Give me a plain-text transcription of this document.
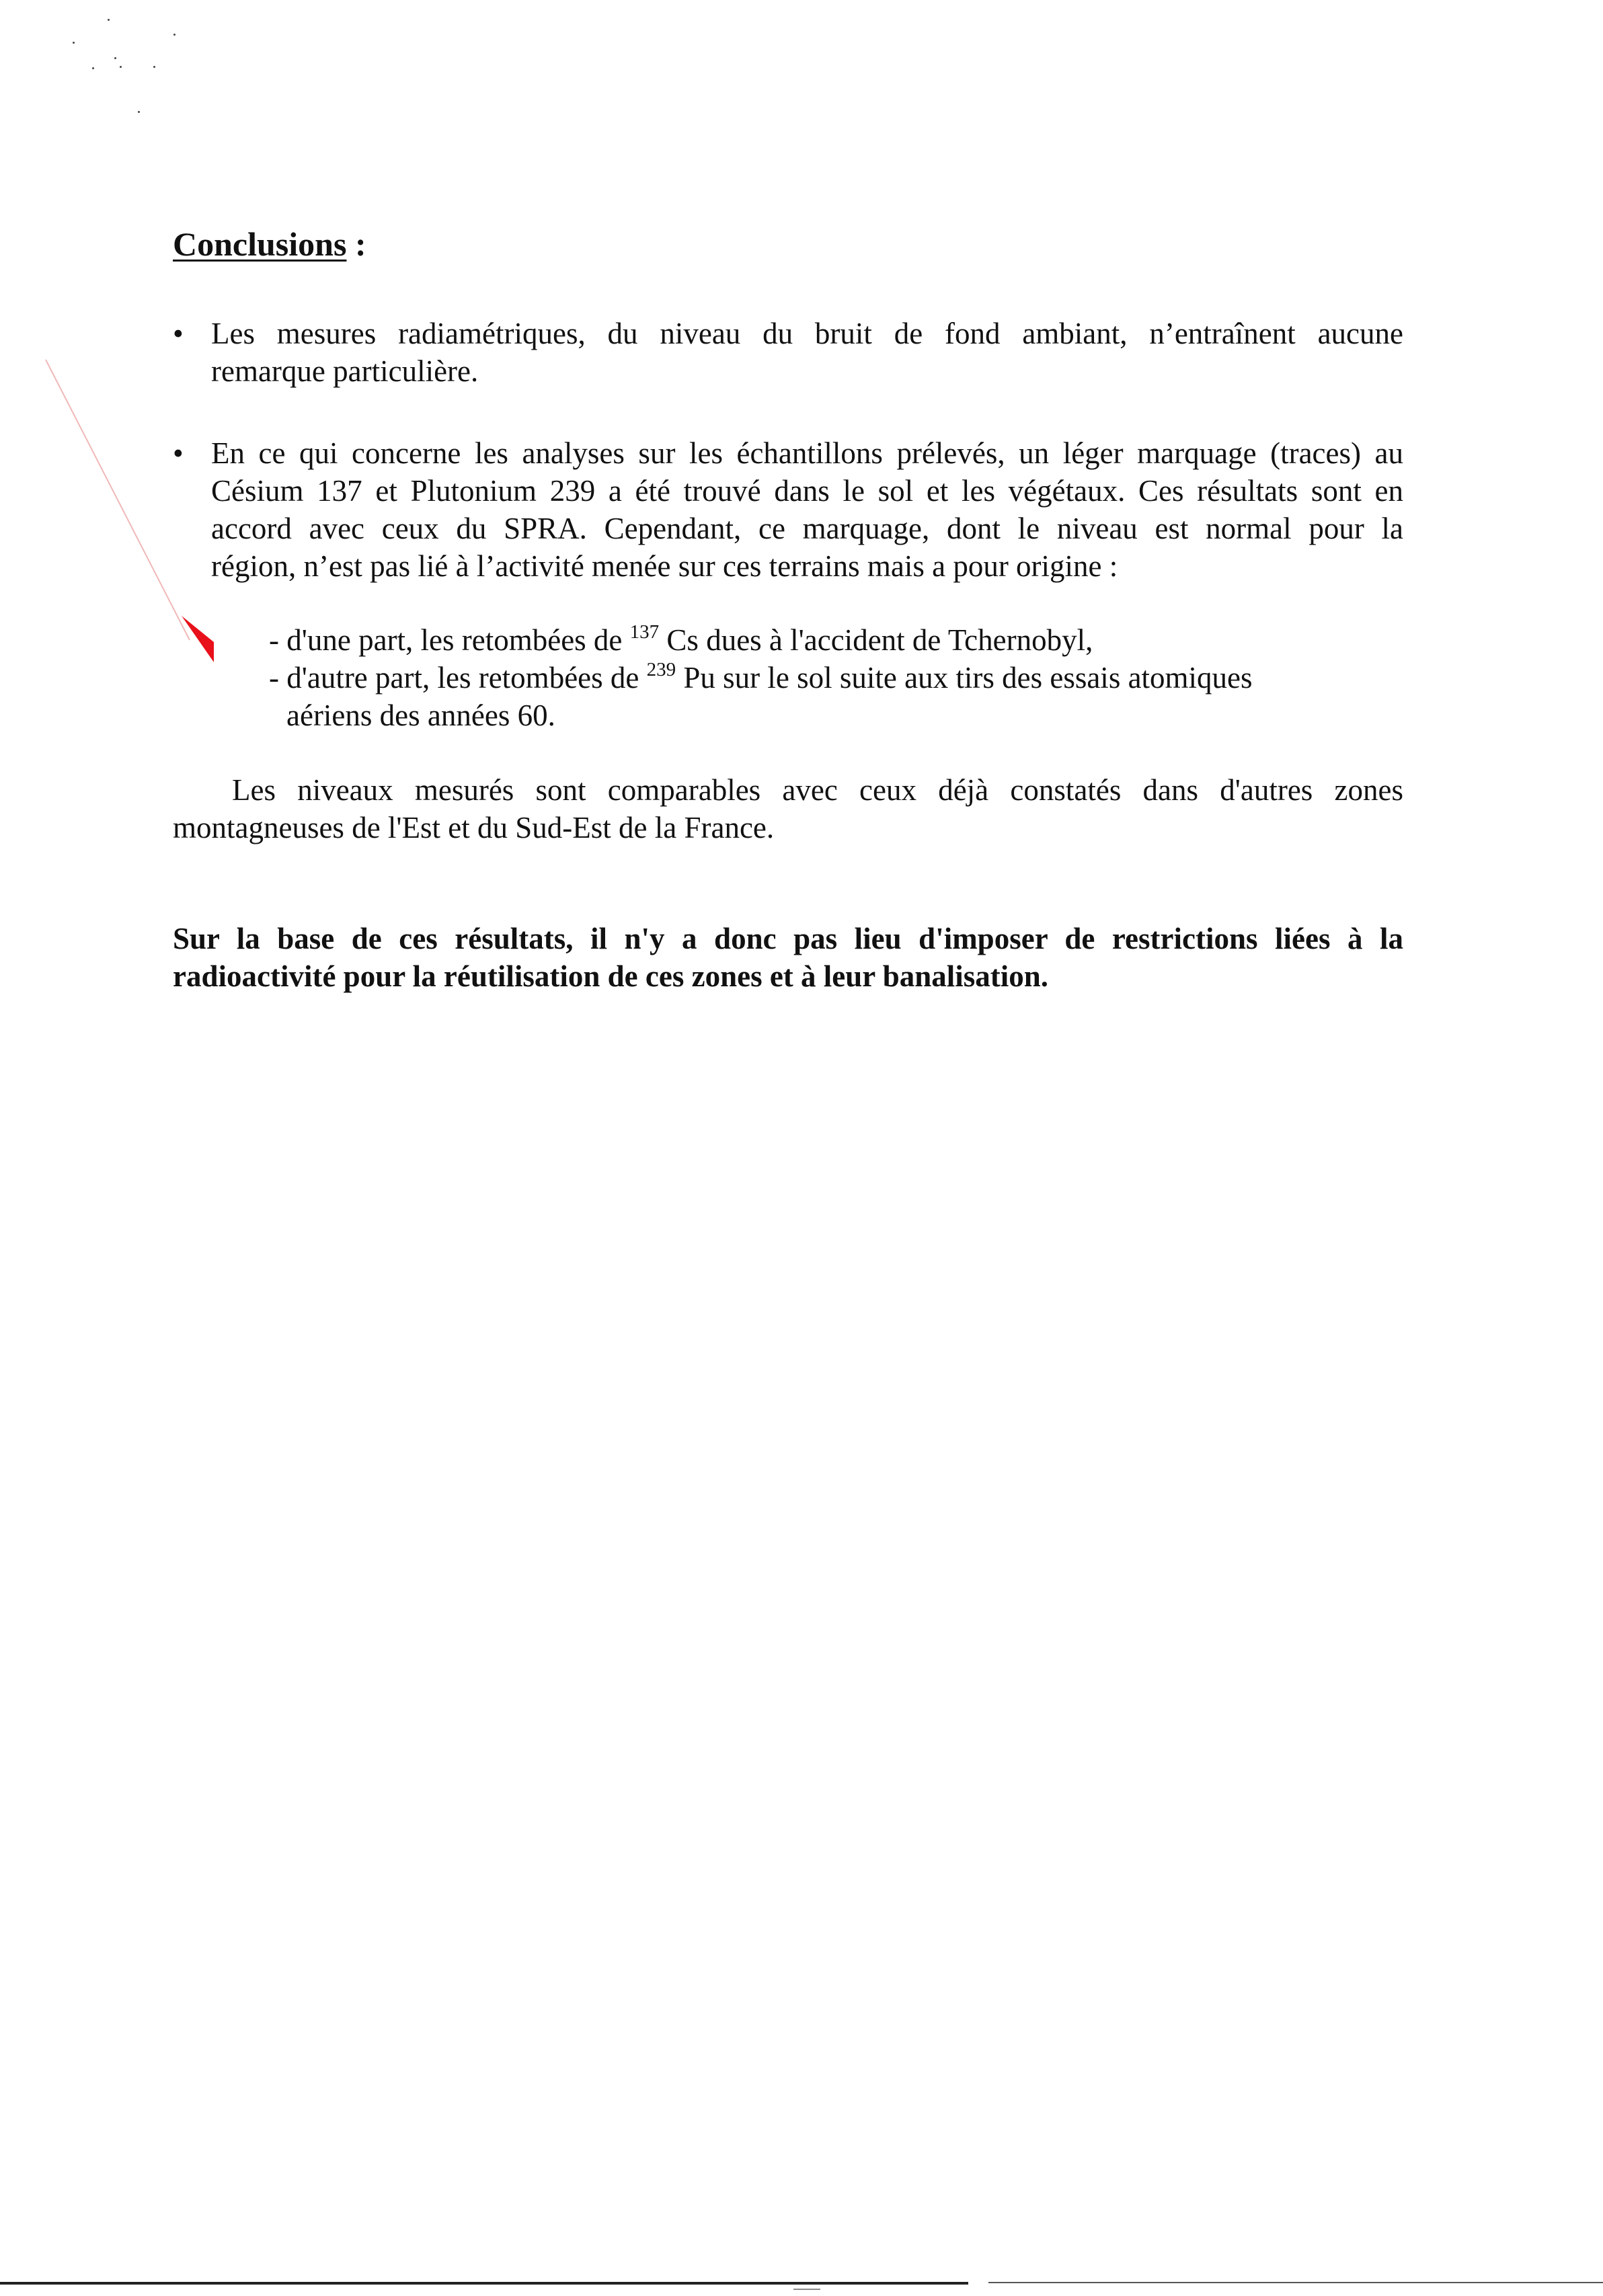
Conclusions :
• Les mesures radiamétriques, du niveau du bruit de fond ambiant, n’entraînent aucune
remarque particulière.
• En ce qui concerne les analyses sur les échantillons prélevés, un léger marquage (traces) au
Césium 137 et Plutonium 239 a été trouvé dans le sol et les végétaux. Ces résultats sont en
accord avec ceux du SPRA. Cependant, ce marquage, dont le niveau est normal pour la
région, n’est pas lié à l’activité menée sur ces terrains mais a pour origine :
- d'une part, les retombées de $^{137}$ Cs dues à l'accident de Tchernobyl,
- d'autre part, les retombées de $^{239}$ Pu sur le sol suite aux tirs des essais atomiques
aériens des années 60.

Les niveaux mesurés sont comparables avec ceux déjà constatés dans d'autres zones montagneuses de l'Est et du Sud-Est de la France.

Sur la base de ces résultats, il n'y a donc pas lieu d'imposer de restrictions liées à la radioactivité pour la réutilisation de ces zones et à leur banalisation.
